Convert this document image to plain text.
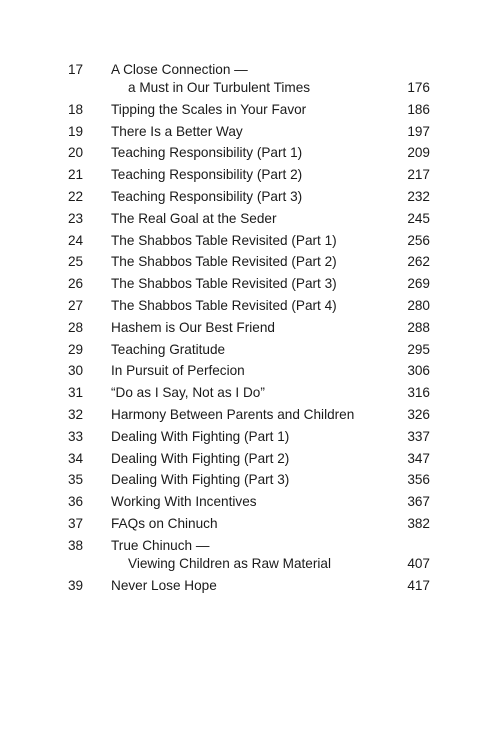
17	A Close Connection —
a Must in Our Turbulent Times	176
18	Tipping the Scales in Your Favor	186
19	There Is a Better Way	197
20	Teaching Responsibility (Part 1)	209
21	Teaching Responsibility (Part 2)	217
22	Teaching Responsibility (Part 3)	232
23	The Real Goal at the Seder	245
24	The Shabbos Table Revisited (Part 1)	256
25	The Shabbos Table Revisited (Part 2)	262
26	The Shabbos Table Revisited (Part 3)	269
27	The Shabbos Table Revisited (Part 4)	280
28	Hashem is Our Best Friend	288
29	Teaching Gratitude	295
30	In Pursuit of Perfecion	306
31	“Do as I Say, Not as I Do”	316
32	Harmony Between Parents and Children	326
33	Dealing With Fighting (Part 1)	337
34	Dealing With Fighting (Part 2)	347
35	Dealing With Fighting (Part 3)	356
36	Working With Incentives	367
37	FAQs on Chinuch	382
38	True Chinuch —
Viewing Children as Raw Material	407
39	Never Lose Hope	417
